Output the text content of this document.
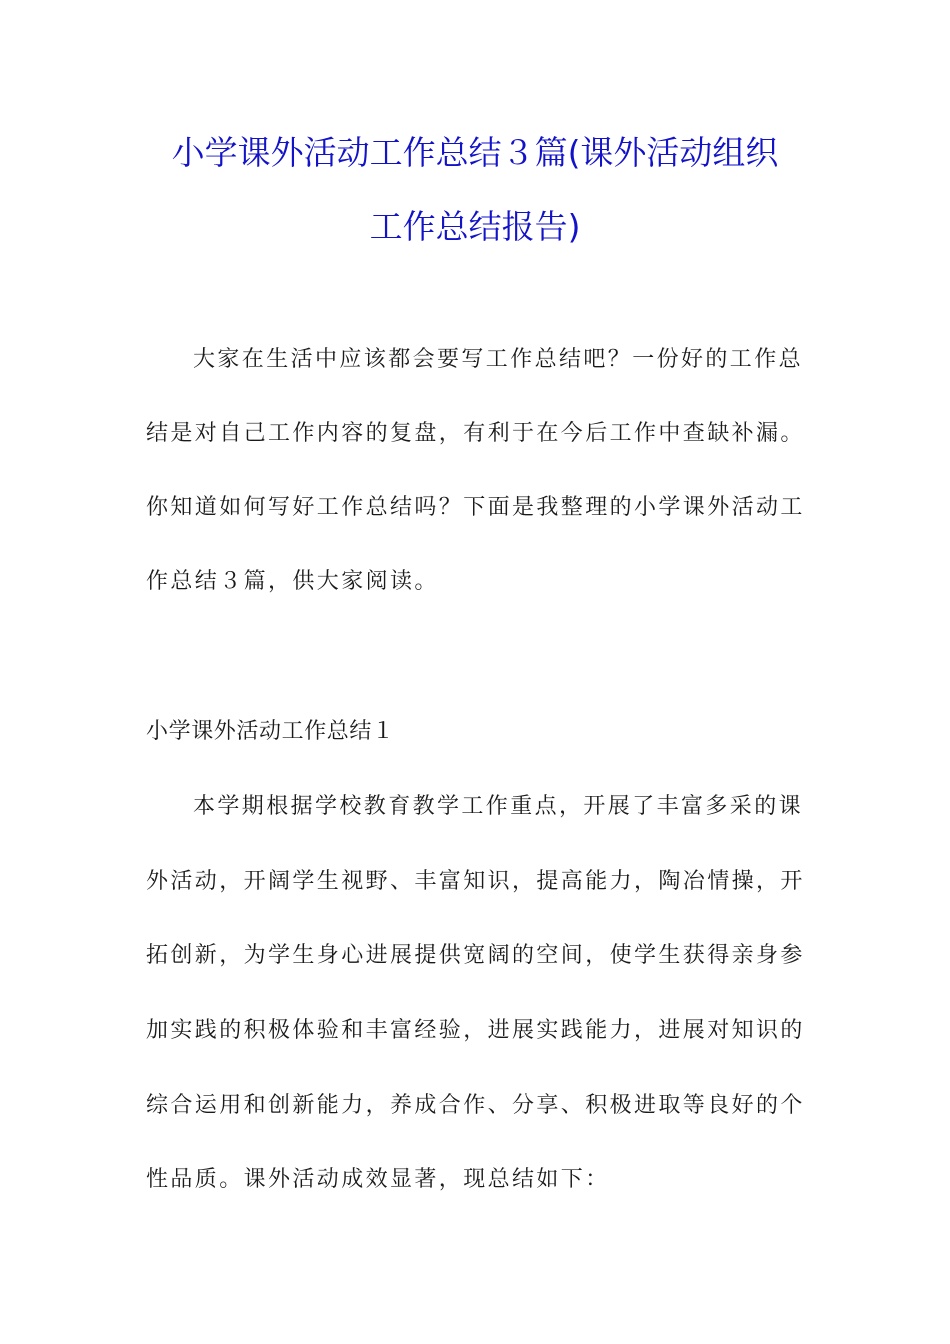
小学课外活动工作总结３篇(课外活动组织
工作总结报告)
大家在生活中应该都会要写工作总结吧？一份好的工作总
结是对自己工作内容的复盘，有利于在今后工作中查缺补漏。
你知道如何写好工作总结吗？下面是我整理的小学课外活动工
作总结３篇，供大家阅读。
小学课外活动工作总结１
本学期根据学校教育教学工作重点，开展了丰富多采的课
外活动，开阔学生视野、丰富知识，提高能力，陶冶情操，开
拓创新，为学生身心进展提供宽阔的空间，使学生获得亲身参
加实践的积极体验和丰富经验，进展实践能力，进展对知识的
综合运用和创新能力，养成合作、分享、积极进取等良好的个
性品质。课外活动成效显著，现总结如下：
